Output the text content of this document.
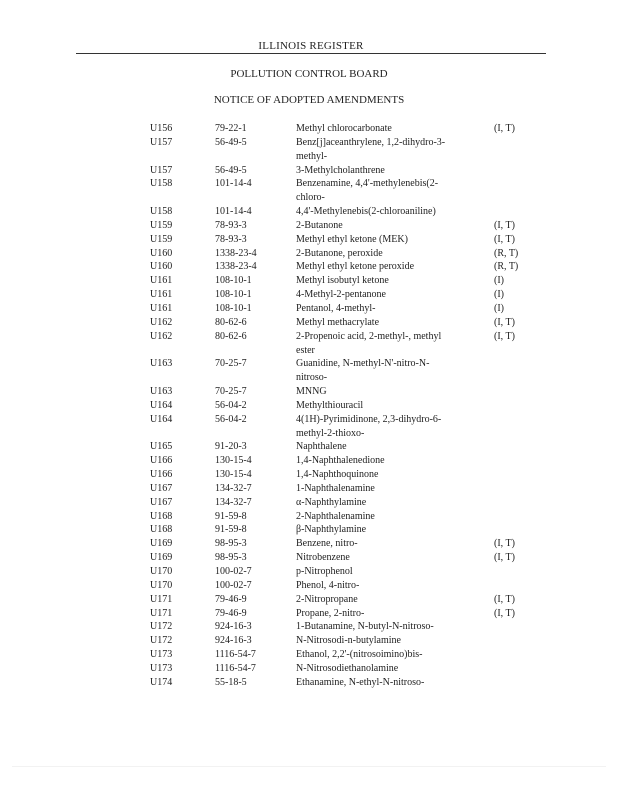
ILLINOIS REGISTER
POLLUTION CONTROL BOARD
NOTICE OF ADOPTED AMENDMENTS
U156	79-22-1	Methyl chlorocarbonate	(I, T)
U157	56-49-5	Benz[j]aceanthrylene, 1,2-dihydro-3-
methyl-
U157	56-49-5	3-Methylcholanthrene
U158	101-14-4	Benzenamine, 4,4'-methylenebis(2-
chloro-
U158	101-14-4	4,4'-Methylenebis(2-chloroaniline)
U159	78-93-3	2-Butanone	(I, T)
U159	78-93-3	Methyl ethyl ketone (MEK)	(I, T)
U160	1338-23-4	2-Butanone, peroxide	(R, T)
U160	1338-23-4	Methyl ethyl ketone peroxide	(R, T)
U161	108-10-1	Methyl isobutyl ketone	(I)
U161	108-10-1	4-Methyl-2-pentanone	(I)
U161	108-10-1	Pentanol, 4-methyl-	(I)
U162	80-62-6	Methyl methacrylate	(I, T)
U162	80-62-6	2-Propenoic acid, 2-methyl-, methyl	(I, T)
ester
U163	70-25-7	Guanidine, N-methyl-N'-nitro-N-
nitroso-
U163	70-25-7	MNNG
U164	56-04-2	Methylthiouracil
U164	56-04-2	4(1H)-Pyrimidinone, 2,3-dihydro-6-
methyl-2-thioxo-
U165	91-20-3	Naphthalene
U166	130-15-4	1,4-Naphthalenedione
U166	130-15-4	1,4-Naphthoquinone
U167	134-32-7	1-Naphthalenamine
U167	134-32-7	α-Naphthylamine
U168	91-59-8	2-Naphthalenamine
U168	91-59-8	β-Naphthylamine
U169	98-95-3	Benzene, nitro-	(I, T)
U169	98-95-3	Nitrobenzene	(I, T)
U170	100-02-7	p-Nitrophenol
U170	100-02-7	Phenol, 4-nitro-
U171	79-46-9	2-Nitropropane	(I, T)
U171	79-46-9	Propane, 2-nitro-	(I, T)
U172	924-16-3	1-Butanamine, N-butyl-N-nitroso-
U172	924-16-3	N-Nitrosodi-n-butylamine
U173	1116-54-7	Ethanol, 2,2'-(nitrosoimino)bis-
U173	1116-54-7	N-Nitrosodiethanolamine
U174	55-18-5	Ethanamine, N-ethyl-N-nitroso-
